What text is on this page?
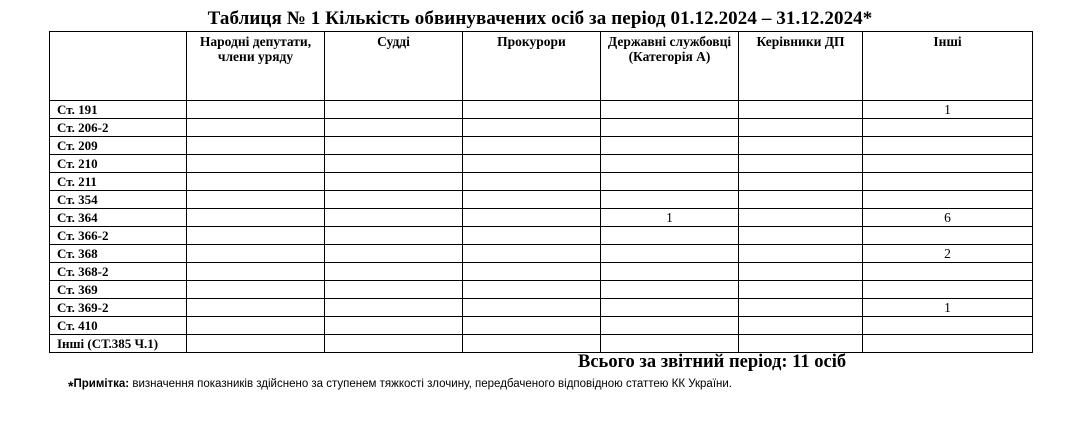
Таблиця № 1 Кількість обвинувачених осіб за період 01.12.2024 – 31.12.2024*
	Народні депутати, члени уряду	Судді	Прокурори	Державні службовці (Категорія А)	Керівники ДП	Інші
Ст. 191						1
Ст. 206-2						
Ст. 209						
Ст. 210						
Ст. 211						
Ст. 354						
Ст. 364				1		6
Ст. 366-2						
Ст. 368						2
Ст. 368-2						
Ст. 369						
Ст. 369-2						1
Ст. 410						
Інші (СТ.385 Ч.1)						
Всього за звітний період: 11 осіб
*Примітка: визначення показників здійснено за ступенем тяжкості злочину, передбаченого відповідною статтею КК України.
